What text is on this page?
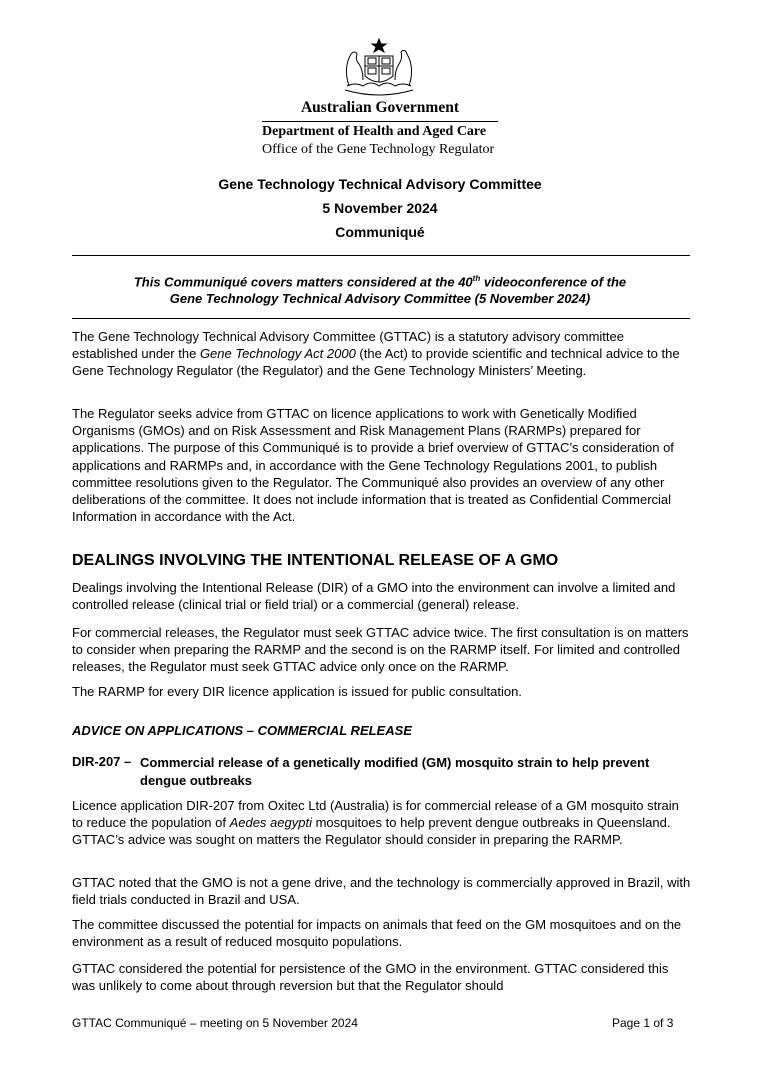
Australian Government
Department of Health and Aged Care
Office of the Gene Technology Regulator
Gene Technology Technical Advisory Committee
5 November 2024
Communiqué
This Communiqué covers matters considered at the 40th videoconference of the
Gene Technology Technical Advisory Committee (5 November 2024)

The Gene Technology Technical Advisory Committee (GTTAC) is a statutory advisory committee established under the Gene Technology Act 2000 (the Act) to provide scientific and technical advice to the Gene Technology Regulator (the Regulator) and the Gene Technology Ministers’ Meeting.

The Regulator seeks advice from GTTAC on licence applications to work with Genetically Modified Organisms (GMOs) and on Risk Assessment and Risk Management Plans (RARMPs) prepared for applications. The purpose of this Communiqué is to provide a brief overview of GTTAC’s consideration of applications and RARMPs and, in accordance with the Gene Technology Regulations 2001, to publish committee resolutions given to the Regulator. The Communiqué also provides an overview of any other deliberations of the committee. It does not include information that is treated as Confidential Commercial Information in accordance with the Act.
DEALINGS INVOLVING THE INTENTIONAL RELEASE OF A GMO
Dealings involving the Intentional Release (DIR) of a GMO into the environment can involve a limited and controlled release (clinical trial or field trial) or a commercial (general) release.
For commercial releases, the Regulator must seek GTTAC advice twice. The first consultation is on matters to consider when preparing the RARMP and the second is on the RARMP itself. For limited and controlled releases, the Regulator must seek GTTAC advice only once on the RARMP.
The RARMP for every DIR licence application is issued for public consultation.
ADVICE ON APPLICATIONS – COMMERCIAL RELEASE
DIR-207 – Commercial release of a genetically modified (GM) mosquito strain to help prevent dengue outbreaks

Licence application DIR-207 from Oxitec Ltd (Australia) is for commercial release of a GM mosquito strain to reduce the population of Aedes aegypti mosquitoes to help prevent dengue outbreaks in Queensland. GTTAC’s advice was sought on matters the Regulator should consider in preparing the RARMP.

GTTAC noted that the GMO is not a gene drive, and the technology is commercially approved in Brazil, with field trials conducted in Brazil and USA.
The committee discussed the potential for impacts on animals that feed on the GM mosquitoes and on the environment as a result of reduced mosquito populations.
GTTAC considered the potential for persistence of the GMO in the environment. GTTAC considered this was unlikely to come about through reversion but that the Regulator should
GTTAC Communiqué – meeting on 5 November 2024	Page 1 of 3
